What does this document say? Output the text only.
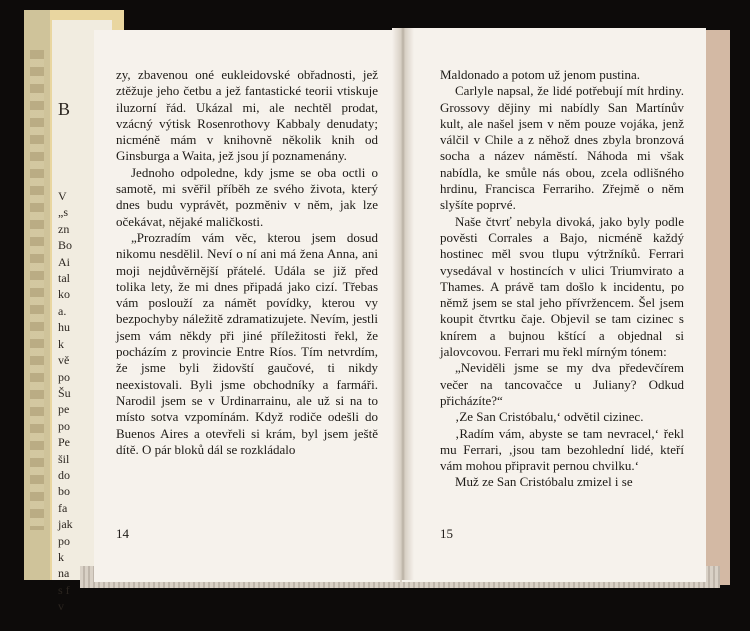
B

V
„s
zn
Bo
Ai
tal
ko
a.
hu
k
vě
po
Šu
pe
po
Pe
šil
do
bo
fa
jak
po
k
na
s f
v

zy, zbavenou oné eukleidovské obřadnosti, jež ztěžuje jeho četbu a jež fantastické teorii vtiskuje iluzorní řád. Ukázal mi, ale nechtěl prodat, vzácný výtisk Rosenrothovy Kabbaly denudaty; nicméně mám v knihovně několik knih od Ginsburga a Waita, jež jsou jí poznamenány.

Jednoho odpoledne, kdy jsme se oba octli o samotě, mi svěřil příběh ze svého života, který dnes budu vyprávět, pozměniv v něm, jak lze očekávat, nějaké maličkosti.

„Prozradím vám věc, kterou jsem dosud nikomu nesdělil. Neví o ní ani má žena Anna, ani moji nejdůvěrnější přátelé. Udála se již před tolika lety, že mi dnes připadá jako cizí. Třebas vám poslouží za námět povídky, kterou vy bezpochyby náležitě zdramatizujete. Nevím, jestli jsem vám někdy při jiné příležitosti řekl, že pocházím z provincie Entre Ríos. Tím netvrdím, že jsme byli židovští gaučové, ti nikdy neexistovali. Byli jsme obchodníky a farmáři. Narodil jsem se v Urdinarrainu, ale už si na to místo sotva vzpomínám. Když rodiče odešli do Buenos Aires a otevřeli si krám, byl jsem ještě dítě. O pár bloků dál se rozkládalo

14

Maldonado a potom už jenom pustina.

Carlyle napsal, že lidé potřebují mít hrdiny. Grossovy dějiny mi nabídly San Martínův kult, ale našel jsem v něm pouze vojáka, jenž válčil v Chile a z něhož dnes zbyla bronzová socha a název náměstí. Náhoda mi však nabídla, ke smůle nás obou, zcela odlišného hrdinu, Francisca Ferrariho. Zřejmě o něm slyšíte poprvé.

Naše čtvrť nebyla divoká, jako byly podle pověsti Corrales a Bajo, nicméně každý hostinec měl svou tlupu výtržníků. Ferrari vysedával v hostincích v ulici Triumvirato a Thames. A právě tam došlo k incidentu, po němž jsem se stal jeho přívržencem. Šel jsem koupit čtvrtku čaje. Objevil se tam cizinec s knírem a bujnou kštící a objednal si jalovcovou. Ferrari mu řekl mírným tónem:

„Neviděli jsme se my dva předevčírem večer na tancovačce u Juliany? Odkud přicházíte?“

‚Ze San Cristóbalu,‘ odvětil cizinec.

‚Radím vám, abyste se tam nevracel,‘ řekl mu Ferrari, ‚jsou tam bezohlední lidé, kteří vám mohou připravit pernou chvilku.‘

Muž ze San Cristóbalu zmizel i se

15
